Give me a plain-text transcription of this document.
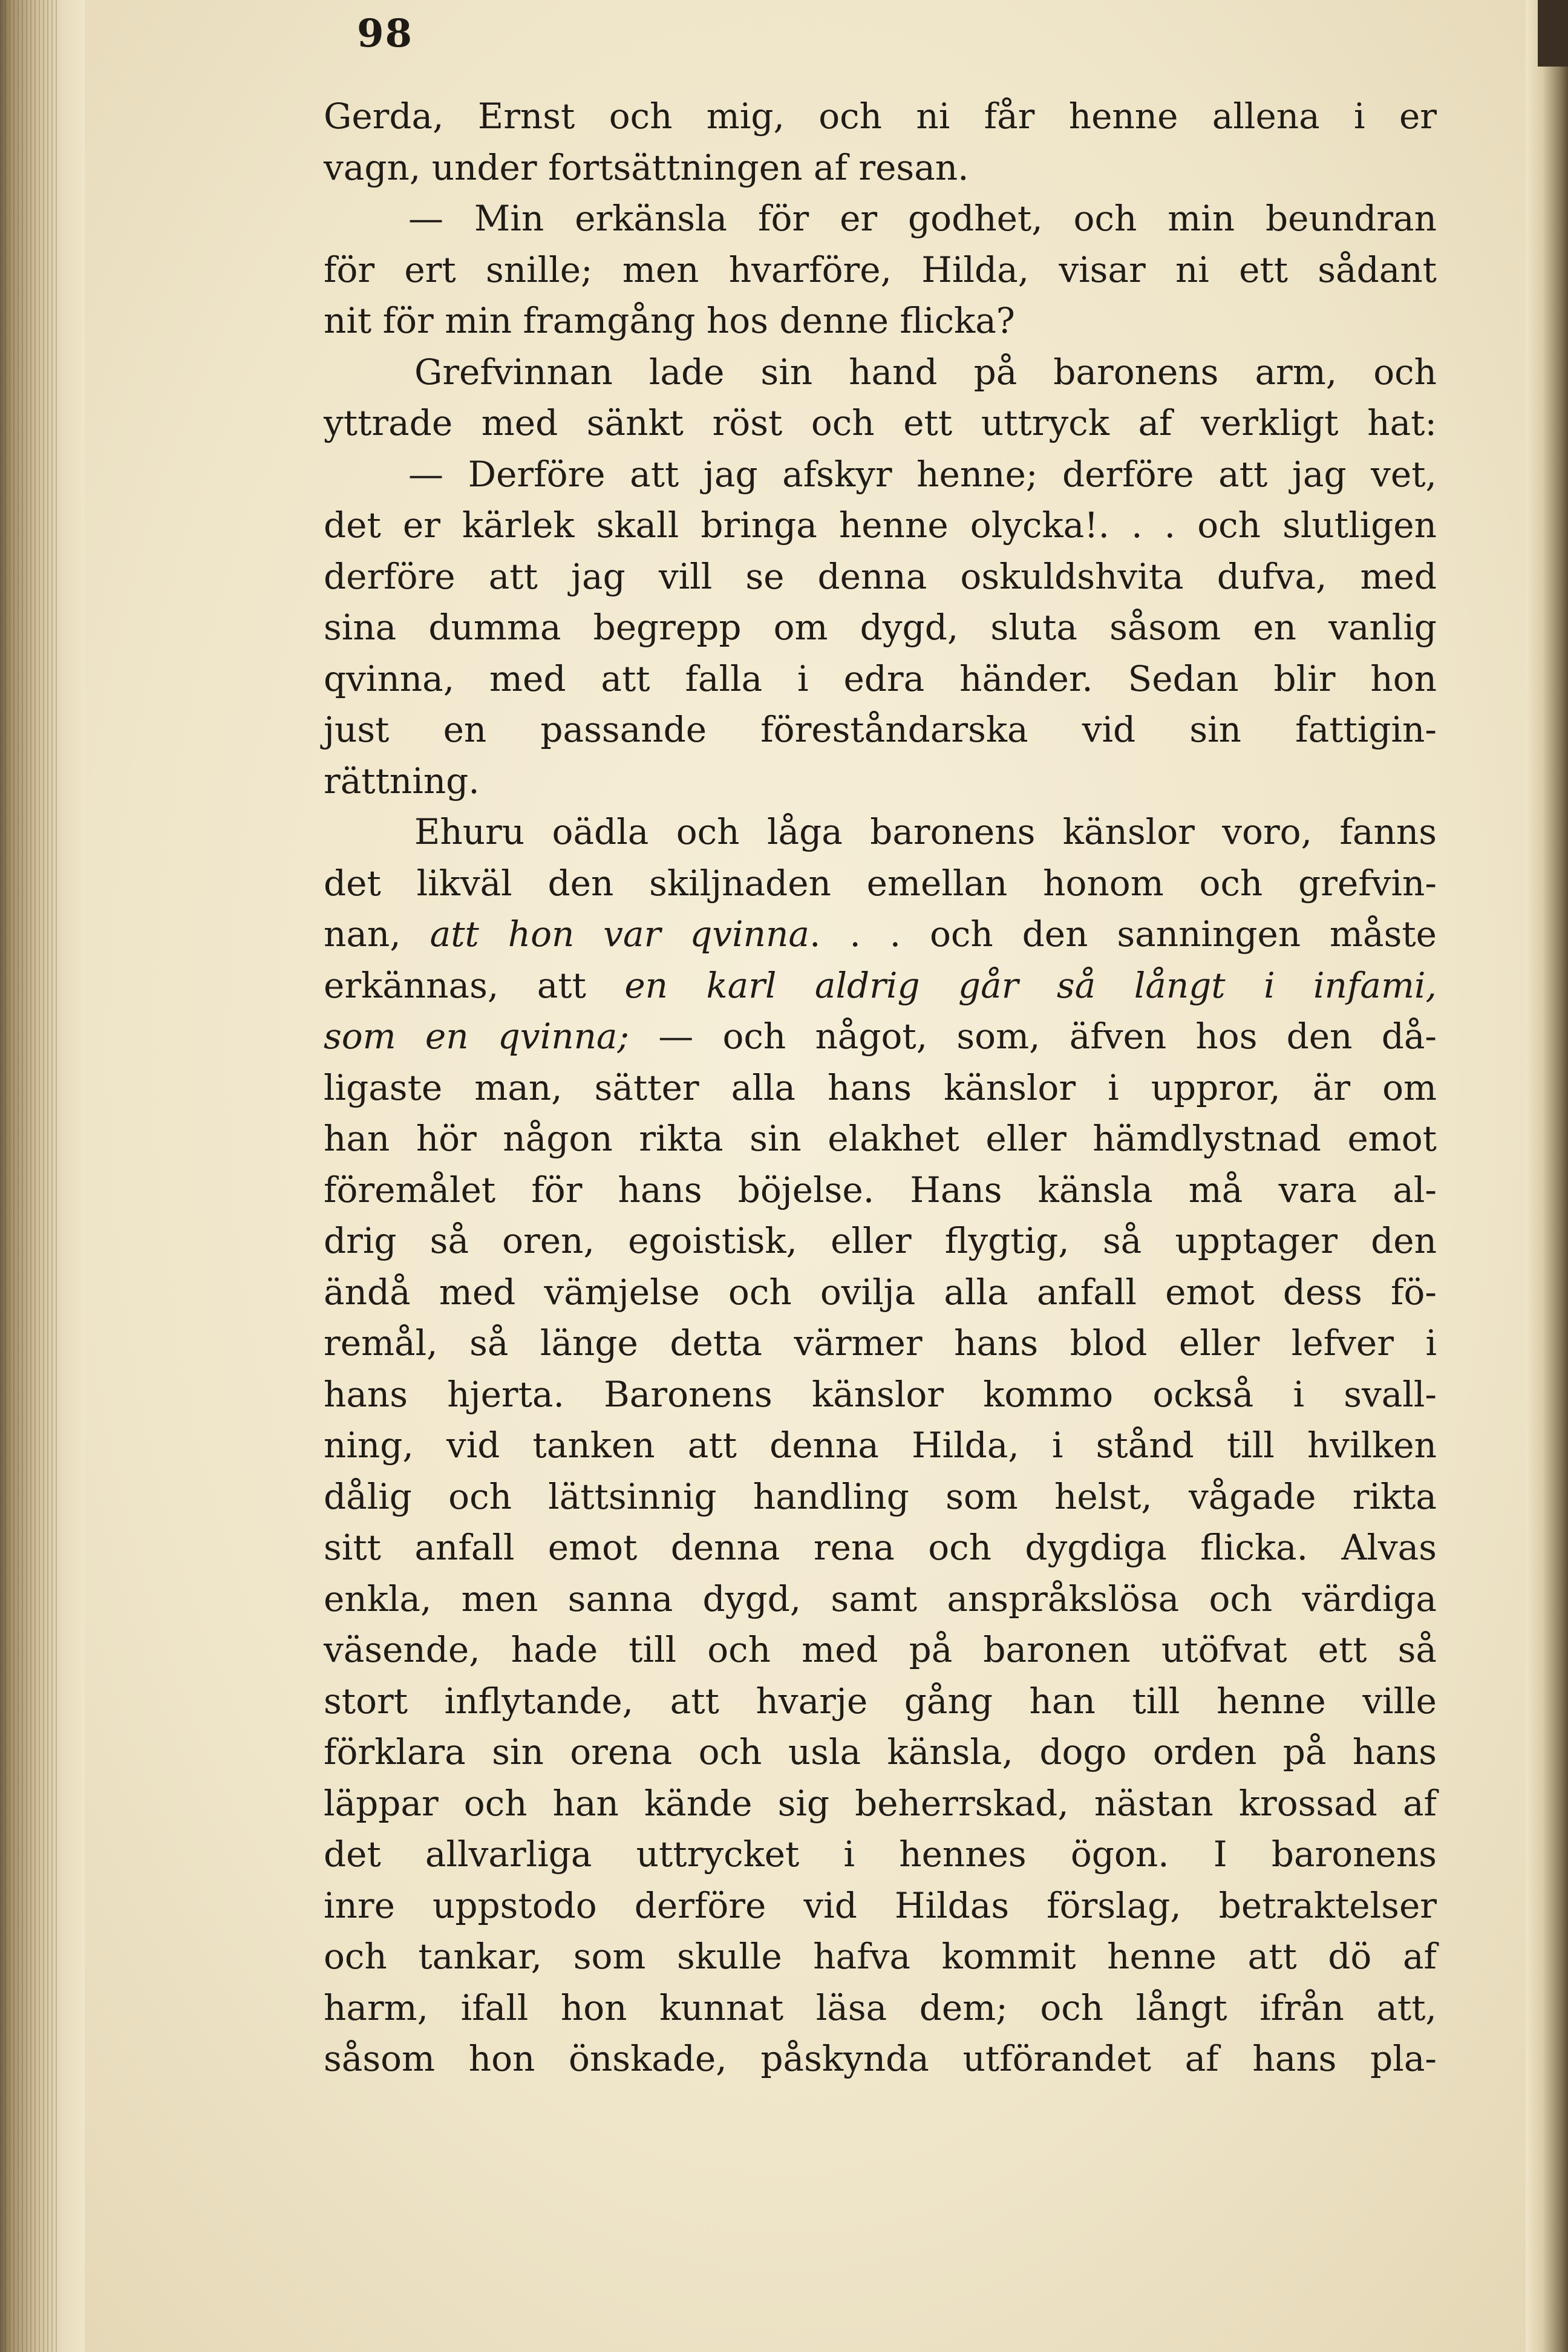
98
Gerda, Ernst och mig, och ni får henne allena i er
vagn, under fortsättningen af resan.
— Min erkänsla för er godhet, och min beundran
för ert snille; men hvarföre, Hilda, visar ni ett sådant
nit för min framgång hos denne flicka?
Grefvinnan lade sin hand på baronens arm, och
yttrade med sänkt röst och ett uttryck af verkligt hat:
— Derföre att jag afskyr henne; derföre att jag vet,
det er kärlek skall bringa henne olycka!. . . och slutligen
derföre att jag vill se denna oskuldshvita dufva, med
sina dumma begrepp om dygd, sluta såsom en vanlig
qvinna, med att falla i edra händer. Sedan blir hon
just en passande föreståndarska vid sin fattigin-
rättning.
Ehuru oädla och låga baronens känslor voro, fanns
det likväl den skiljnaden emellan honom och grefvin-
nan, att hon var qvinna. . . och den sanningen måste
erkännas, att en karl aldrig går så långt i infami,
som en qvinna; — och något, som, äfven hos den då-
ligaste man, sätter alla hans känslor i uppror, är om
han hör någon rikta sin elakhet eller hämdlystnad emot
föremålet för hans böjelse. Hans känsla må vara al-
drig så oren, egoistisk, eller flygtig, så upptager den
ändå med vämjelse och ovilja alla anfall emot dess fö-
remål, så länge detta värmer hans blod eller lefver i
hans hjerta. Baronens känslor kommo också i svall-
ning, vid tanken att denna Hilda, i stånd till hvilken
dålig och lättsinnig handling som helst, vågade rikta
sitt anfall emot denna rena och dygdiga flicka. Alvas
enkla, men sanna dygd, samt anspråkslösa och värdiga
väsende, hade till och med på baronen utöfvat ett så
stort inflytande, att hvarje gång han till henne ville
förklara sin orena och usla känsla, dogo orden på hans
läppar och han kände sig beherrskad, nästan krossad af
det allvarliga uttrycket i hennes ögon. I baronens
inre uppstodo derföre vid Hildas förslag, betraktelser
och tankar, som skulle hafva kommit henne att dö af
harm, ifall hon kunnat läsa dem; och långt ifrån att,
såsom hon önskade, påskynda utförandet af hans pla-
